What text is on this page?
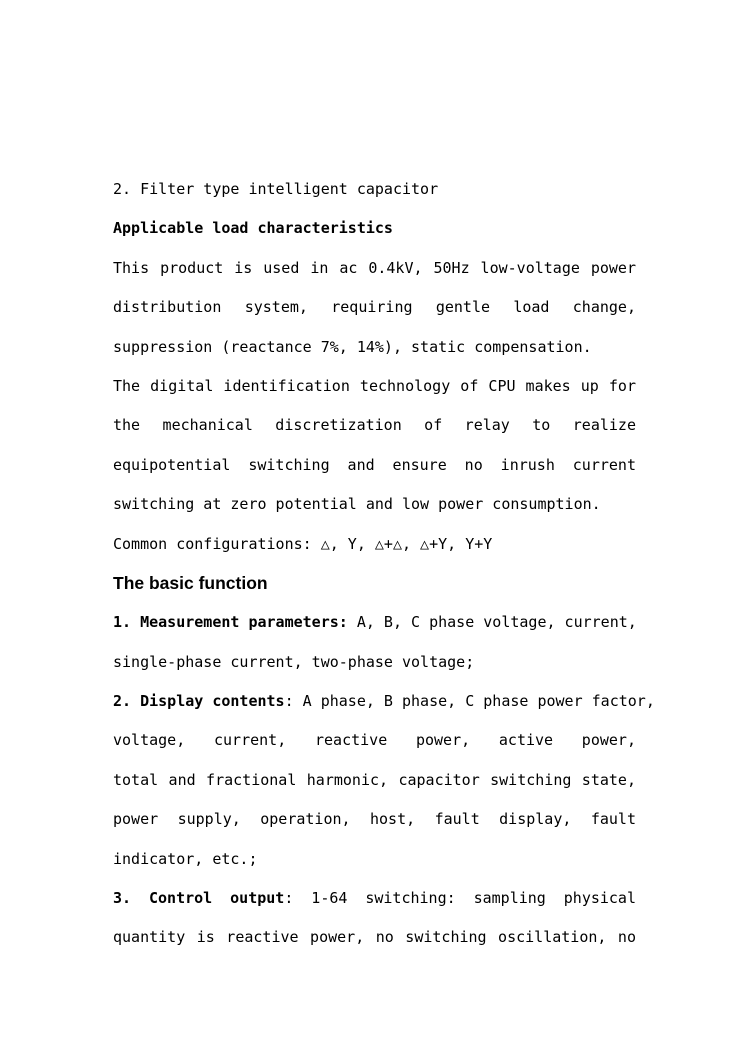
2. Filter type intelligent capacitor
Applicable load characteristics
This product is used in ac 0.4kV, 50Hz low-voltage power
distribution system, requiring gentle load change,
suppression (reactance 7%, 14%), static compensation.
The digital identification technology of CPU makes up for
the mechanical discretization of relay to realize
equipotential switching and ensure no inrush current
switching at zero potential and low power consumption.
Common configurations: △, Y, △+△, △+Y, Y+Y
The basic function
1. Measurement parameters: A, B, C phase voltage, current,
single-phase current, two-phase voltage;
2. Display contents: A phase, B phase, C phase power factor,
voltage, current, reactive power, active power,
total and fractional harmonic, capacitor switching state,
power supply, operation, host, fault display, fault
indicator, etc.;
3. Control output: 1-64 switching: sampling physical
quantity is reactive power, no switching oscillation, no
